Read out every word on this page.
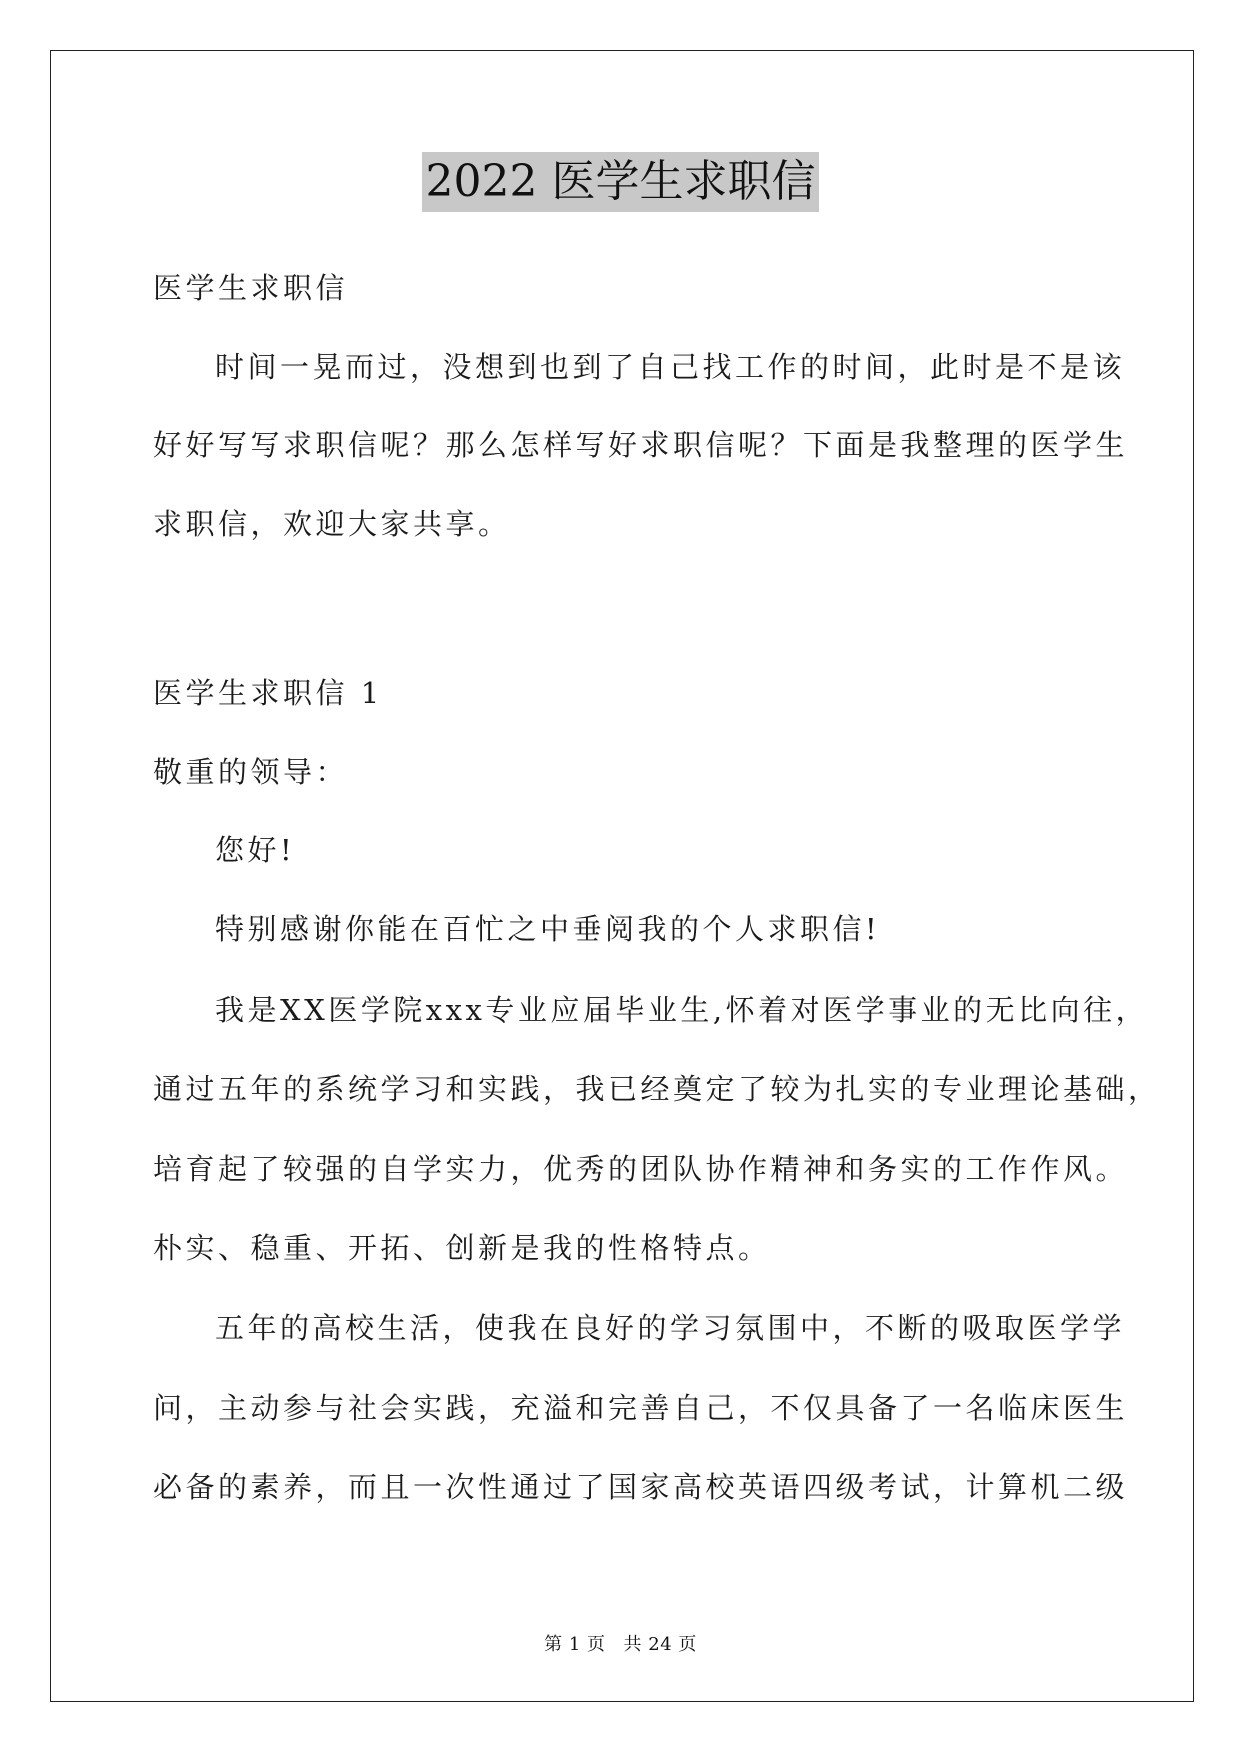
2022 医学生求职信
医学生求职信
时间一晃而过，没想到也到了自己找工作的时间，此时是不是该
好好写写求职信呢？那么怎样写好求职信呢？下面是我整理的医学生
求职信，欢迎大家共享。
医学生求职信 1
敬重的领导：
您好!
特别感谢你能在百忙之中垂阅我的个人求职信!
我是XX医学院xxx专业应届毕业生,怀着对医学事业的无比向往，
通过五年的系统学习和实践，我已经奠定了较为扎实的专业理论基础，
培育起了较强的自学实力，优秀的团队协作精神和务实的工作作风。
朴实、稳重、开拓、创新是我的性格特点。
五年的高校生活，使我在良好的学习氛围中，不断的吸取医学学
问，主动参与社会实践，充溢和完善自己，不仅具备了一名临床医生
必备的素养，而且一次性通过了国家高校英语四级考试，计算机二级
第 1 页 共 24 页
